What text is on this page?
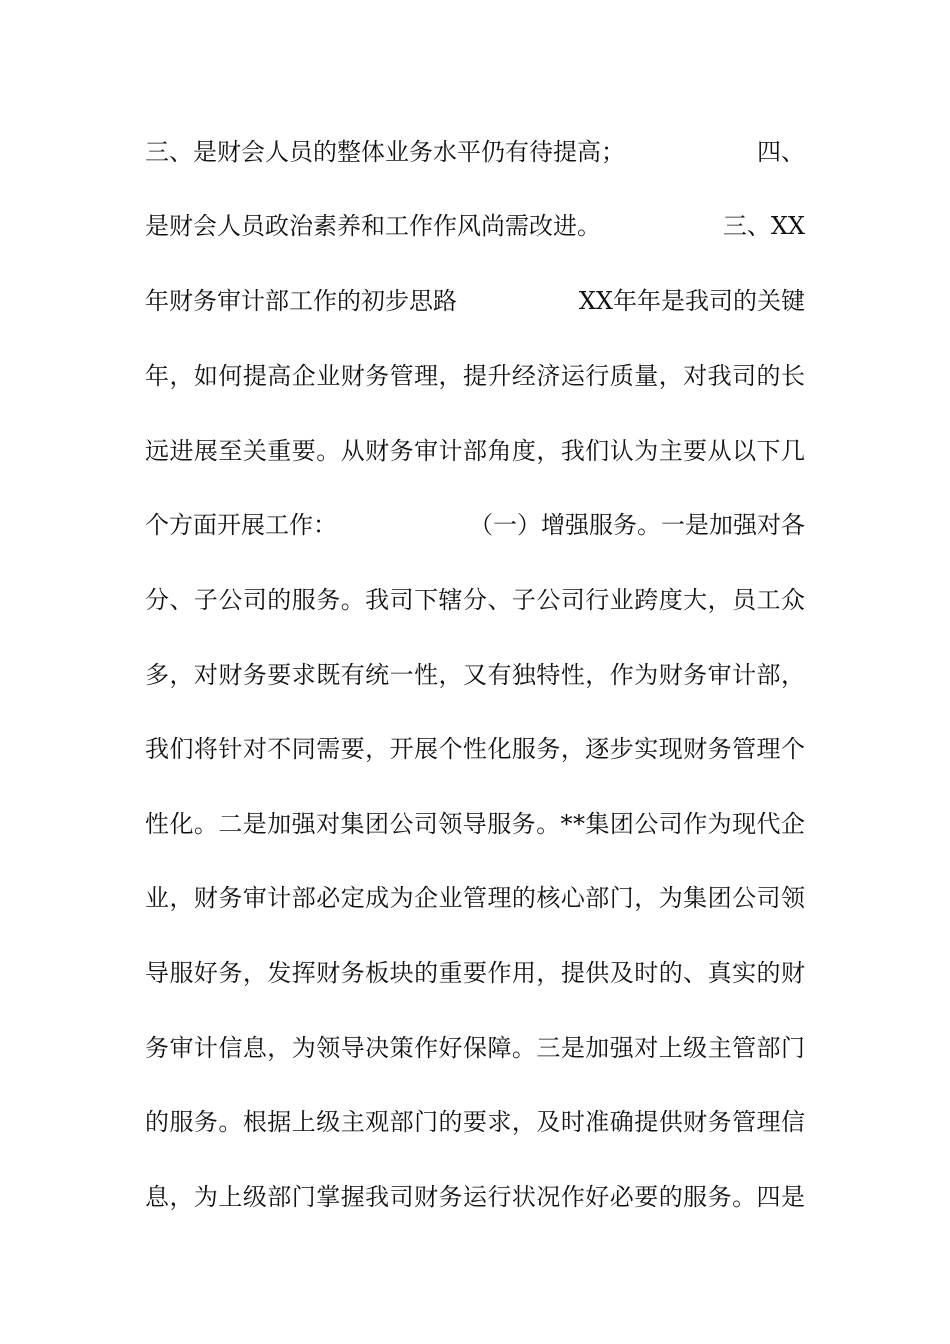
三、是财会人员的整体业务水平仍有待提高；	四、
是财会人员政治素养和工作作风尚需改进。	三、XX
年财务审计部工作的初步思路	XX年年是我司的关键
年，如何提高企业财务管理，提升经济运行质量，对我司的长
远进展至关重要。从财务审计部角度，我们认为主要从以下几
个方面开展工作：	（一）增强服务。一是加强对各
分、子公司的服务。我司下辖分、子公司行业跨度大，员工众
多，对财务要求既有统一性，又有独特性，作为财务审计部，
我们将针对不同需要，开展个性化服务，逐步实现财务管理个
性化。二是加强对集团公司领导服务。**集团公司作为现代企
业，财务审计部必定成为企业管理的核心部门，为集团公司领
导服好务，发挥财务板块的重要作用，提供及时的、真实的财
务审计信息，为领导决策作好保障。三是加强对上级主管部门
的服务。根据上级主观部门的要求，及时准确提供财务管理信
息，为上级部门掌握我司财务运行状况作好必要的服务。四是
